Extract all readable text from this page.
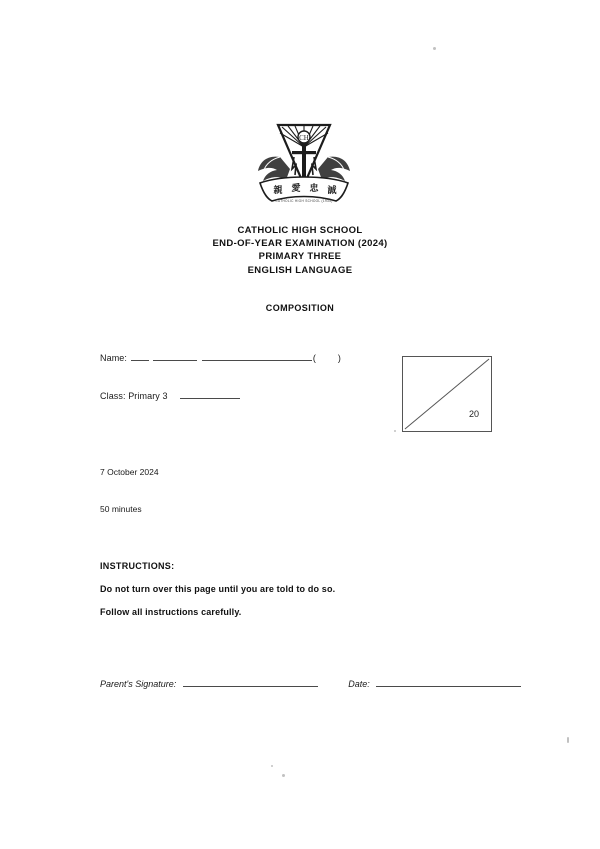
CH
親 愛 忠 誠
CATHOLIC HIGH SCHOOL (1935)
CATHOLIC HIGH SCHOOL
END-OF-YEAR EXAMINATION (2024)
PRIMARY THREE
ENGLISH LANGUAGE
COMPOSITION
Name:	( )
Class: Primary 3
20
7 October 2024
50 minutes
INSTRUCTIONS:
Do not turn over this page until you are told to do so.
Follow all instructions carefully.
Parent's Signature:	Date:
